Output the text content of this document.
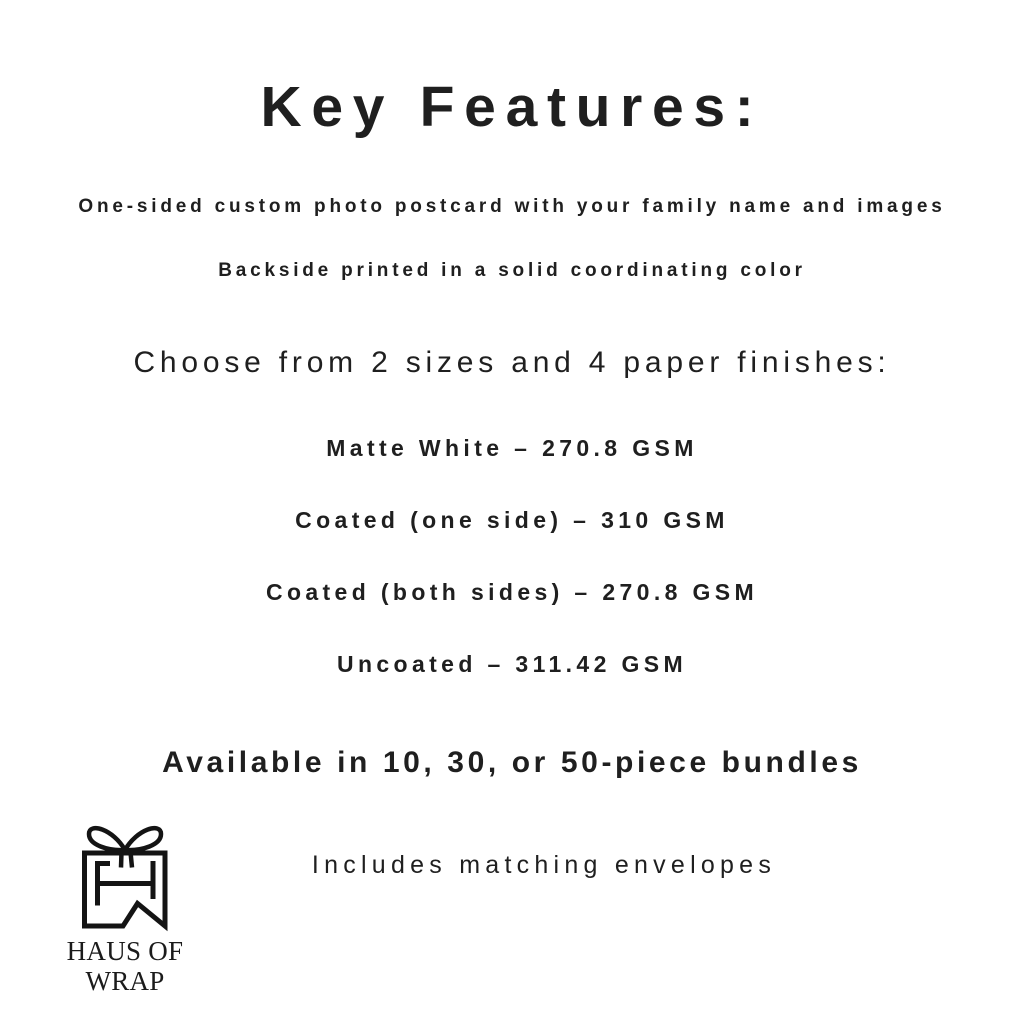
Key Features:
One-sided custom photo postcard with your family name and images
Backside printed in a solid coordinating color
Choose from 2 sizes and 4 paper finishes:
Matte White – 270.8 GSM
Coated (one side) – 310 GSM
Coated (both sides) – 270.8 GSM
Uncoated – 311.42 GSM
Available in 10, 30, or 50-piece bundles
Includes matching envelopes
HAUS OF
WRAP
